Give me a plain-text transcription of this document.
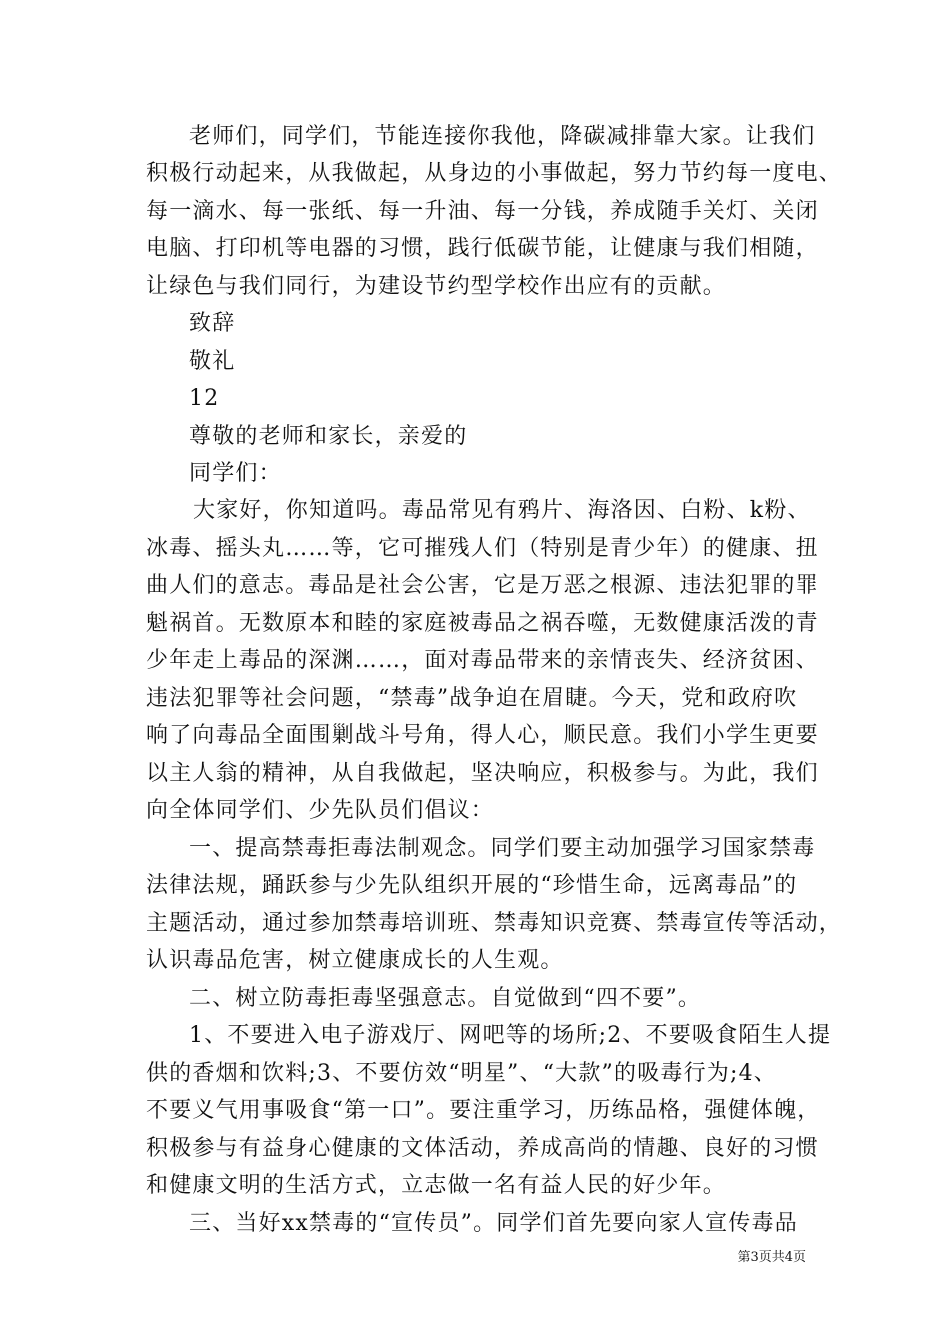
老师们，同学们，节能连接你我他，降碳减排靠大家。让我们
积极行动起来，从我做起，从身边的小事做起，努力节约每一度电、
每一滴水、每一张纸、每一升油、每一分钱，养成随手关灯、关闭
电脑、打印机等电器的习惯，践行低碳节能，让健康与我们相随，
让绿色与我们同行，为建设节约型学校作出应有的贡献。
致辞
敬礼
12
尊敬的老师和家长，亲爱的
同学们：
大家好，你知道吗。毒品常见有鸦片、海洛因、白粉、k粉、
冰毒、摇头丸……等，它可摧残人们（特别是青少年）的健康、扭
曲人们的意志。毒品是社会公害，它是万恶之根源、违法犯罪的罪
魁祸首。无数原本和睦的家庭被毒品之祸吞噬，无数健康活泼的青
少年走上毒品的深渊……，面对毒品带来的亲情丧失、经济贫困、
违法犯罪等社会问题，“禁毒”战争迫在眉睫。今天，党和政府吹
响了向毒品全面围剿战斗号角，得人心，顺民意。我们小学生更要
以主人翁的精神，从自我做起，坚决响应，积极参与。为此，我们
向全体同学们、少先队员们倡议：
一、提高禁毒拒毒法制观念。同学们要主动加强学习国家禁毒
法律法规，踊跃参与少先队组织开展的“珍惜生命，远离毒品”的
主题活动，通过参加禁毒培训班、禁毒知识竞赛、禁毒宣传等活动，
认识毒品危害，树立健康成长的人生观。
二、树立防毒拒毒坚强意志。自觉做到“四不要”。
1、不要进入电子游戏厅、网吧等的场所;2、不要吸食陌生人提
供的香烟和饮料;3、不要仿效“明星”、“大款”的吸毒行为;4、
不要义气用事吸食“第一口”。要注重学习，历练品格，强健体魄，
积极参与有益身心健康的文体活动，养成高尚的情趣、良好的习惯
和健康文明的生活方式，立志做一名有益人民的好少年。
三、当好xx禁毒的“宣传员”。同学们首先要向家人宣传毒品
第3页共4页
